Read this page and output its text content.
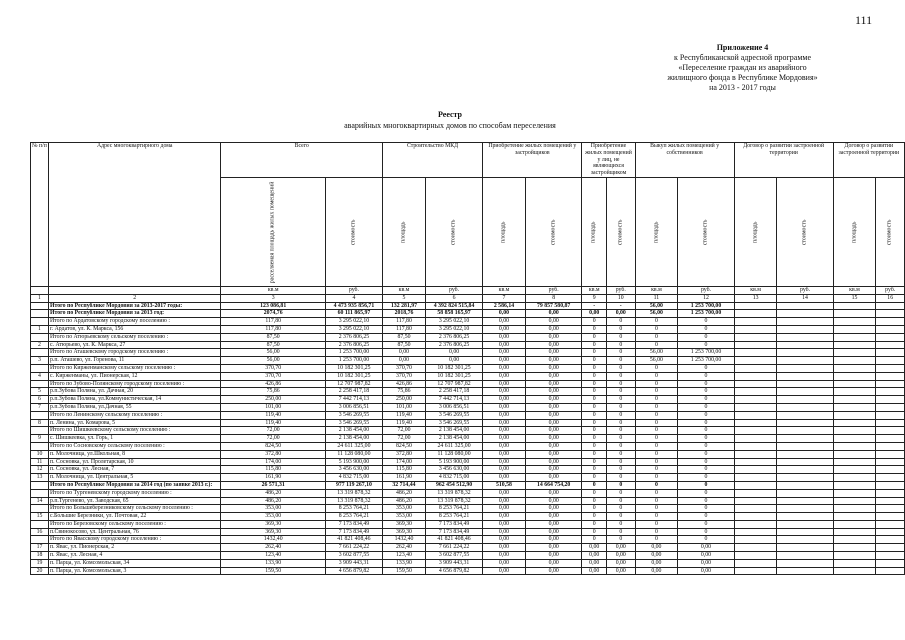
111
Приложение 4
к Республиканской адресной программе
«Переселение граждан из аварийного
жилищного фонда в Республике Мордовия»
на 2013 - 2017 годы
Реестр
аварийных многоквартирных домов по способам переселения
№ п/п	Адрес многоквартирного дома	Всего		Строительство МКД		Приобретение жилых помещений у застройщиков		Приобретение жилых помещений у лиц, не являющихся застройщиком		Выкуп жилых помещений у собственников		Договор о развитии застроенной территории		Договор о развитии застроенной территории	
		расселяемая площадь жилых помещений	стоимость	площадь	стоимость	площадь	стоимость	площадь	стоимость	площадь	стоимость	площадь	стоимость	площадь	стоимость
		кв.м	руб.	кв.м	руб.	кв.м	руб.	кв.м	руб.	кв.м	руб.	кв.м	руб.	кв.м	руб.
1	2	3	4	5	6	7	8	9	10	11	12	13	14	15	16
	Итого по Республике Мордовия за 2013-2017 годы:	123 086,81	4 473 935 856,71	132 281,97	4 392 824 515,84	2 586,14	79 857 580,87	-	-	56,00	1 253 700,00				
	Итого по Республике Мордовия за 2013 год:	2074,76	60 111 865,97	2018,76	58 858 165,97	0,00	0,00	0,00	0,00	56,00	1 253 700,00				
	Итого по Ардатовскому городскому поселению :	117,80	3 295 022,10	117,80	3 295 022,10	0,00	0,00	0	0	0	0				
1	г. Ардатов, ул. К. Маркса, 156	117,80	3 295 022,10	117,80	3 295 022,10	0,00	0,00	0	0	0	0				
	Итого по Атюрьевскому сельскому поселению :	87,50	2 376 806,25	87,50	2 376 806,25	0,00	0,00	0	0	0	0				
2	с. Атюрьево, ул. К. Маркса, 27	87,50	2 376 806,25	87,50	2 376 806,25	0,00	0,00	0	0	0	0				
	Итого по Аташевскому городскому поселению :	56,00	1 253 700,00	0,00	0,00	0,00	0,00	0	0	56,00	1 253 700,00				
3	р.п. Аташево, ул. Горенова, 11	56,00	1 253 700,00	0,00	0,00	0,00	0,00	0	0	56,00	1 253 700,00				
	Итого по Кирженманскому сельскому поселению :	370,70	10 182 301,25	370,70	10 182 301,25	0,00	0,00	0	0	0	0				
4	с. Кирженманы, ул. Пионерская, 12	370,70	10 182 301,25	370,70	10 182 301,25	0,00	0,00	0	0	0	0				
	Итого по Зубово-Полянскому городскому поселению :	426,86	12 707 987,82	426,86	12 707 987,82	0,00	0,00	0	0	0	0				
5	р.п.Зубова Поляна, ул. Дачная, 20	75,86	2 258 417,18	75,86	2 258 417,18	0,00	0,00	0	0	0	0				
6	р.п.Зубова Поляна, ул.Коммунистическая, 14	250,00	7 442 714,13	250,00	7 442 714,13	0,00	0,00	0	0	0	0				
7	р.п.Зубова Поляна, ул.Дачная, 55	101,00	3 006 856,51	101,00	3 006 856,51	0,00	0,00	0	0	0	0				
	Итого по Ленинскому сельскому поселению :	119,40	3 546 269,55	119,40	3 546 269,55	0,00	0,00	0	0	0	0				
8	п. Ленина, ул. Комарова, 5	119,40	3 546 269,55	119,40	3 546 269,55	0,00	0,00	0	0	0	0				
	Итого по Шишкеевскому сельскому поселению :	72,00	2 138 454,00	72,00	2 138 454,00	0,00	0,00	0	0	0	0				
9	с. Шишкеевка, ул. Горь, 1	72,00	2 138 454,00	72,00	2 138 454,00	0,00	0,00	0	0	0	0				
	Итого по Сосновскому сельскому поселению :	824,50	24 611 325,00	824,50	24 611 325,00	0,00	0,00	0	0	0	0				
10	п. Молочница, ул.Школьная, 8	372,80	11 128 080,00	372,80	11 128 080,00	0,00	0,00	0	0	0	0				
11	п. Сосновка, ул. Пролетарская, 10	174,00	5 193 900,00	174,00	5 193 900,00	0,00	0,00	0	0	0	0				
12	п. Сосновка, ул. Лесная, 7	115,80	3 456 630,00	115,80	3 456 630,00	0,00	0,00	0	0	0	0				
13	п. Молочница, ул. Центральная, 5	161,90	4 832 715,00	161,90	4 832 715,00	0,00	0,00	0	0	0	0				
	Итого по Республике Мордовия за 2014 год (по заявке 2013 г.):	26 571,31	977 119 267,10	32 714,44	962 454 512,90	510,58	14 664 754,20	0	0	0	0				
	Итого по Тургеневскому городскому поселению :	486,20	13 319 878,32	486,20	13 319 878,32	0,00	0,00	0	0	0	0				
14	р.п.Тургенево, ул. Заводская, 65	486,20	13 319 878,32	486,20	13 319 878,32	0,00	0,00	0	0	0	0				
	Итого по Большеберезниковскому сельскому поселению :	353,00	8 253 764,21	353,00	8 253 764,21	0,00	0,00	0	0	0	0				
15	с.Большие Березники, ул. Почтовая, 22	353,00	8 253 764,21	353,00	8 253 764,21	0,00	0,00	0	0	0	0				
	Итого по Березовскому сельскому поселению :	369,30	7 173 834,49	369,30	7 173 834,49	0,00	0,00	0	0	0	0				
16	п.Свинокосово, ул. Центральная, 76	369,30	7 173 834,49	369,30	7 173 834,49	0,00	0,00	0	0	0	0				
	Итого по Явасскому городскому поселению :	1432,40	41 821 408,46	1432,40	41 821 408,46	0,00	0,00	0	0	0	0				
17	п. Явас, ул. Пионерская, 2	262,40	7 661 224,22	262,40	7 661 224,22	0,00	0,00	0,00	0,00	0,00	0,00				
18	п. Явас, ул. Лесная, 4	123,40	3 602 877,55	123,40	3 602 877,55	0,00	0,00	0,00	0,00	0,00	0,00				
19	п. Парца, ул. Комсомольская, 34	133,90	3 909 443,31	133,90	3 909 443,31	0,00	0,00	0,00	0,00	0,00	0,00				
20	п. Парца, ул. Комсомольская, 3	159,50	4 656 879,82	159,50	4 656 879,82	0,00	0,00	0,00	0,00	0,00	0,00				
